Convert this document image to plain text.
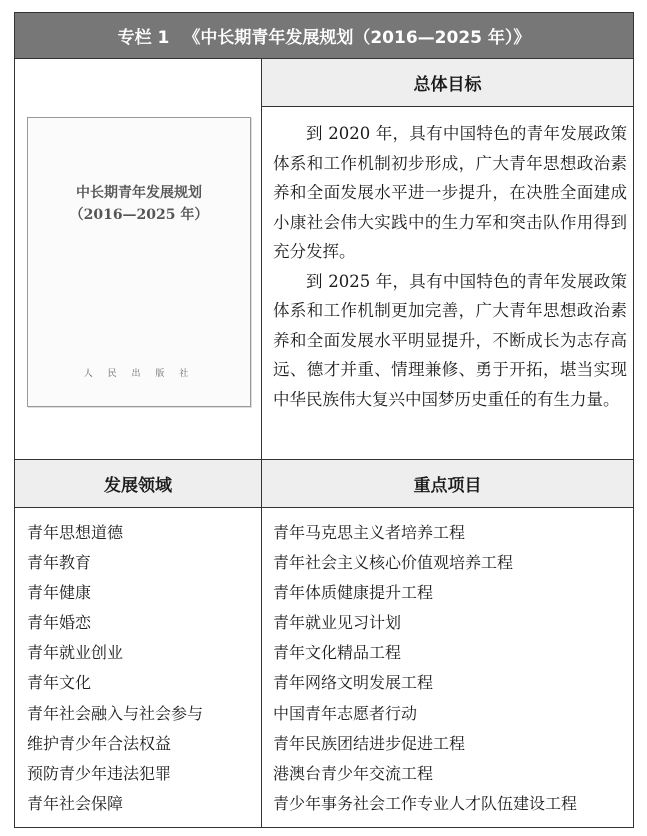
专栏 1 《中长期青年发展规划（2016—2025 年）》
总体目标
中长期青年发展规划
（2016—2025 年）
人 民 出 版 社

到 2020 年，具有中国特色的青年发展政策体系和工作机制初步形成，广大青年思想政治素养和全面发展水平进一步提升，在决胜全面建成小康社会伟大实践中的生力军和突击队作用得到充分发挥。

到 2025 年，具有中国特色的青年发展政策体系和工作机制更加完善，广大青年思想政治素养和全面发展水平明显提升，不断成长为志存高远、德才并重、情理兼修、勇于开拓，堪当实现中华民族伟大复兴中国梦历史重任的有生力量。

发展领域	重点项目
青年思想道德
青年教育
青年健康
青年婚恋
青年就业创业
青年文化
青年社会融入与社会参与
维护青少年合法权益
预防青少年违法犯罪
青年社会保障
青年马克思主义者培养工程
青年社会主义核心价值观培养工程
青年体质健康提升工程
青年就业见习计划
青年文化精品工程
青年网络文明发展工程
中国青年志愿者行动
青年民族团结进步促进工程
港澳台青少年交流工程
青少年事务社会工作专业人才队伍建设工程
